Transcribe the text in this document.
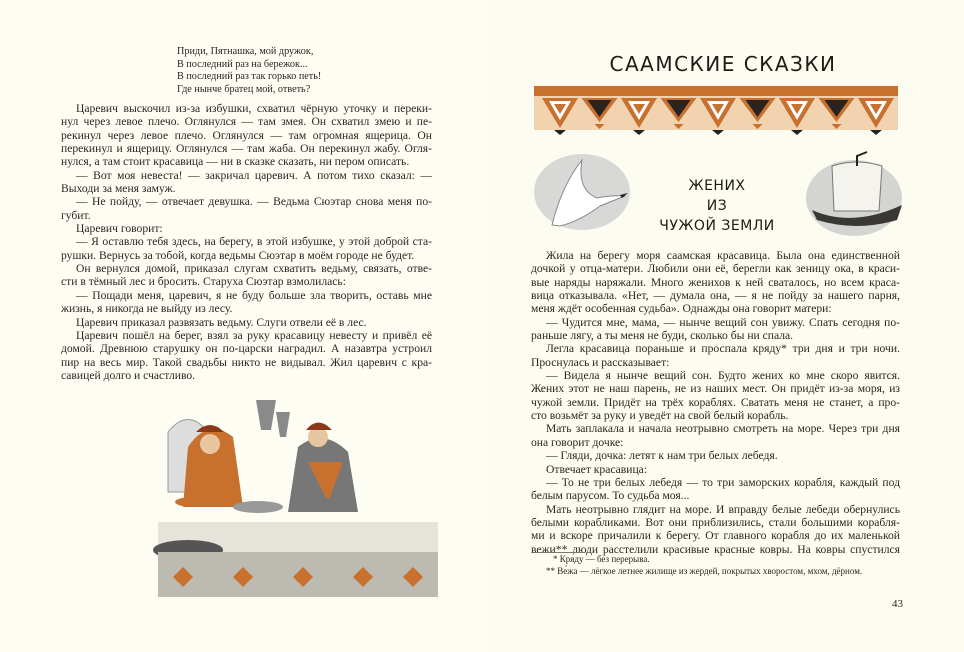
Приди, Пятнашка, мой дружок,
В последний раз на бережок...
В последний раз так горько петь!
Где нынче братец мой, ответь?
Царевич выскочил из-за избушки, схватил чёрную уточку и переки-
нул через левое плечо. Оглянулся — там змея. Он схватил змею и пе-
рекинул через левое плечо. Оглянулся — там огромная ящерица. Он
перекинул и ящерицу. Оглянулся — там жаба. Он перекинул жабу. Огля-
нулся, а там стоит красавица — ни в сказке сказать, ни пером описать.
— Вот моя невеста! — закричал царевич. А потом тихо сказал: —
Выходи за меня замуж.
— Не пойду, — отвечает девушка. — Ведьма Сюэтар снова меня по-
губит.
Царевич говорит:
— Я оставлю тебя здесь, на берегу, в этой избушке, у этой доброй ста-
рушки. Вернусь за тобой, когда ведьмы Сюэтар в моём городе не будет.
Он вернулся домой, приказал слугам схватить ведьму, связать, отве-
сти в тёмный лес и бросить. Старуха Сюэтар взмолилась:
— Пощади меня, царевич, я не буду больше зла творить, оставь мне
жизнь, я никогда не выйду из лесу.
Царевич приказал развязать ведьму. Слуги отвели её в лес.
Царевич пошёл на берег, взял за руку красавицу невесту и привёл её
домой. Древнюю старушку он по-царски наградил. А назавтра устроил
пир на весь мир. Такой свадьбы никто не видывал. Жил царевич с кра-
савицей долго и счастливо.
САAМСКИЕ СКАЗКИ
ЖЕНИХ
ИЗ
ЧУЖОЙ ЗЕМЛИ
Жила на берегу моря саамская красавица. Была она единственной
дочкой у отца-матери. Любили они её, берегли как зеницу ока, в краси-
вые наряды наряжали. Много женихов к ней сваталось, но всем краса-
вица отказывала. «Нет, — думала она, — я не пойду за нашего парня,
меня ждёт особенная судьба». Однажды она говорит матери:
— Чудится мне, мама, — нынче вещий сон увижу. Спать сегодня по-
раньше лягу, а ты меня не буди, сколько бы ни спала.
Легла красавица пораньше и проспала кряду* три дня и три ночи.
Проснулась и рассказывает:
— Видела я нынче вещий сон. Будто жених ко мне скоро явится.
Жених этот не наш парень, не из наших мест. Он придёт из-за моря, из
чужой земли. Придёт на трёх кораблях. Сватать меня не станет, а про-
сто возьмёт за руку и уведёт на свой белый корабль.
Мать заплакала и начала неотрывно смотреть на море. Через три дня
она говорит дочке:
— Гляди, дочка: летят к нам три белых лебедя.
Отвечает красавица:
— То не три белых лебедя — то три заморских корабля, каждый под
белым парусом. То судьба моя...
Мать неотрывно глядит на море. И вправду белые лебеди обернулись
белыми корабликами. Вот они приблизились, стали большими корабля-
ми и вскоре причалили к берегу. От главного корабля до их маленькой
вежи** люди расстелили красивые красные ковры. На ковры спустился
* Кря́ду — без перерыва.
** Ве́жа — лёгкое летнее жилище из жердей, покрытых хворостом, мхом, дёрном.
43
